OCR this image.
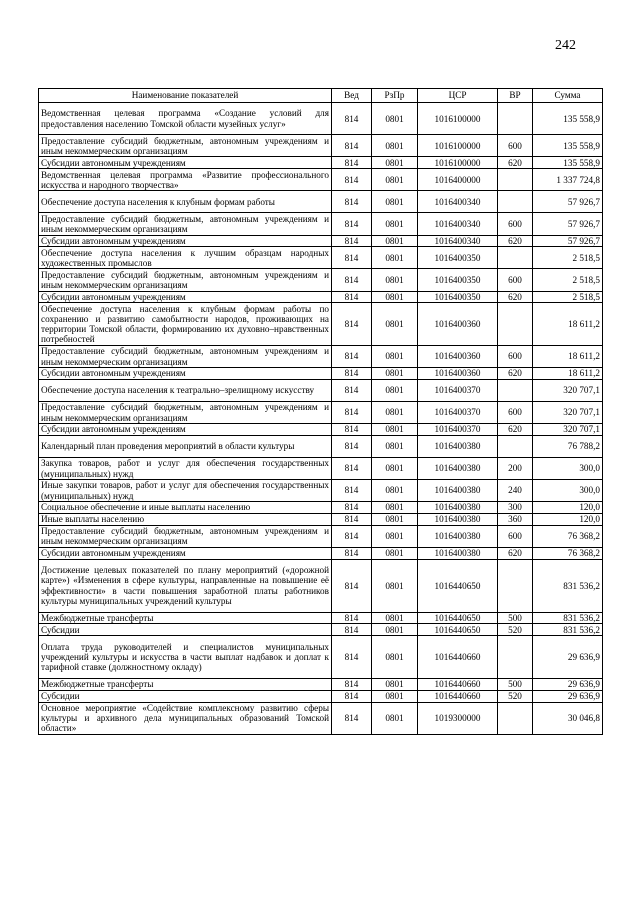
242
Наименование показателей	Вед	РзПр	ЦСР	ВР	Сумма
Ведомственная целевая программа «Создание условий для предоставления населению Томской области музейных услуг»	814	0801	1016100000		135 558,9
Предоставление субсидий бюджетным, автономным учреждениям и иным некоммерческим организациям	814	0801	1016100000	600	135 558,9
Субсидии автономным учреждениям	814	0801	1016100000	620	135 558,9
Ведомственная целевая программа «Развитие профессионального искусства и народного творчества»	814	0801	1016400000		1 337 724,8
Обеспечение доступа населения к клубным формам работы	814	0801	1016400340		57 926,7
Предоставление субсидий бюджетным, автономным учреждениям и иным некоммерческим организациям	814	0801	1016400340	600	57 926,7
Субсидии автономным учреждениям	814	0801	1016400340	620	57 926,7
Обеспечение доступа населения к лучшим образцам народных художественных промыслов	814	0801	1016400350		2 518,5
Предоставление субсидий бюджетным, автономным учреждениям и иным некоммерческим организациям	814	0801	1016400350	600	2 518,5
Субсидии автономным учреждениям	814	0801	1016400350	620	2 518,5
Обеспечение доступа населения к клубным формам работы по сохранению и развитию самобытности народов, проживающих на территории Томской области, формированию их духовно–нравственных потребностей	814	0801	1016400360		18 611,2
Предоставление субсидий бюджетным, автономным учреждениям и иным некоммерческим организациям	814	0801	1016400360	600	18 611,2
Субсидии автономным учреждениям	814	0801	1016400360	620	18 611,2
Обеспечение доступа населения к театрально–зрелищному искусству	814	0801	1016400370		320 707,1
Предоставление субсидий бюджетным, автономным учреждениям и иным некоммерческим организациям	814	0801	1016400370	600	320 707,1
Субсидии автономным учреждениям	814	0801	1016400370	620	320 707,1
Календарный план проведения мероприятий в области культуры	814	0801	1016400380		76 788,2
Закупка товаров, работ и услуг для обеспечения государственных (муниципальных) нужд	814	0801	1016400380	200	300,0
Иные закупки товаров, работ и услуг для обеспечения государственных (муниципальных) нужд	814	0801	1016400380	240	300,0
Социальное обеспечение и иные выплаты населению	814	0801	1016400380	300	120,0
Иные выплаты населению	814	0801	1016400380	360	120,0
Предоставление субсидий бюджетным, автономным учреждениям и иным некоммерческим организациям	814	0801	1016400380	600	76 368,2
Субсидии автономным учреждениям	814	0801	1016400380	620	76 368,2
Достижение целевых показателей по плану мероприятий («дорожной карте») «Изменения в сфере культуры, направленные на повышение её эффективности» в части повышения заработной платы работников культуры муниципальных учреждений культуры	814	0801	1016440650		831 536,2
Межбюджетные трансферты	814	0801	1016440650	500	831 536,2
Субсидии	814	0801	1016440650	520	831 536,2
Оплата труда руководителей и специалистов муниципальных учреждений культуры и искусства в части выплат надбавок и доплат к тарифной ставке (должностному окладу)	814	0801	1016440660		29 636,9
Межбюджетные трансферты	814	0801	1016440660	500	29 636,9
Субсидии	814	0801	1016440660	520	29 636,9
Основное мероприятие «Содействие комплексному развитию сферы культуры и архивного дела муниципальных образований Томской области»	814	0801	1019300000		30 046,8
